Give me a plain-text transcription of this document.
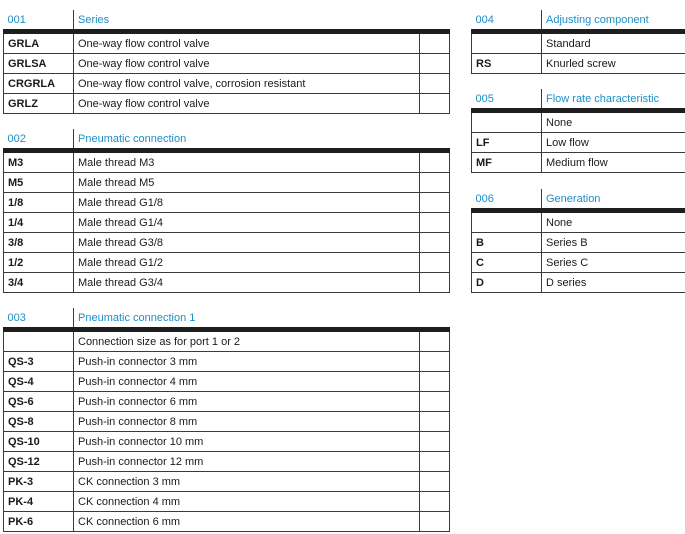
001	Series	
GRLA	One-way flow control valve	
GRLSA	One-way flow control valve	
CRGRLA	One-way flow control valve, corrosion resistant	
GRLZ	One-way flow control valve	
002	Pneumatic connection	
M3	Male thread M3	
M5	Male thread M5	
1/8	Male thread G1/8	
1/4	Male thread G1/4	
3/8	Male thread G3/8	
1/2	Male thread G1/2	
3/4	Male thread G3/4	
003	Pneumatic connection 1	
	Connection size as for port 1 or 2	
QS-3	Push-in connector 3 mm	
QS-4	Push-in connector 4 mm	
QS-6	Push-in connector 6 mm	
QS-8	Push-in connector 8 mm	
QS-10	Push-in connector 10 mm	
QS-12	Push-in connector 12 mm	
PK-3	CK connection 3 mm	
PK-4	CK connection 4 mm	
PK-6	CK connection 6 mm	
004	Adjusting component
	Standard
RS	Knurled screw
005	Flow rate characteristic
	None
LF	Low flow
MF	Medium flow
006	Generation
	None
B	Series B
C	Series C
D	D series
